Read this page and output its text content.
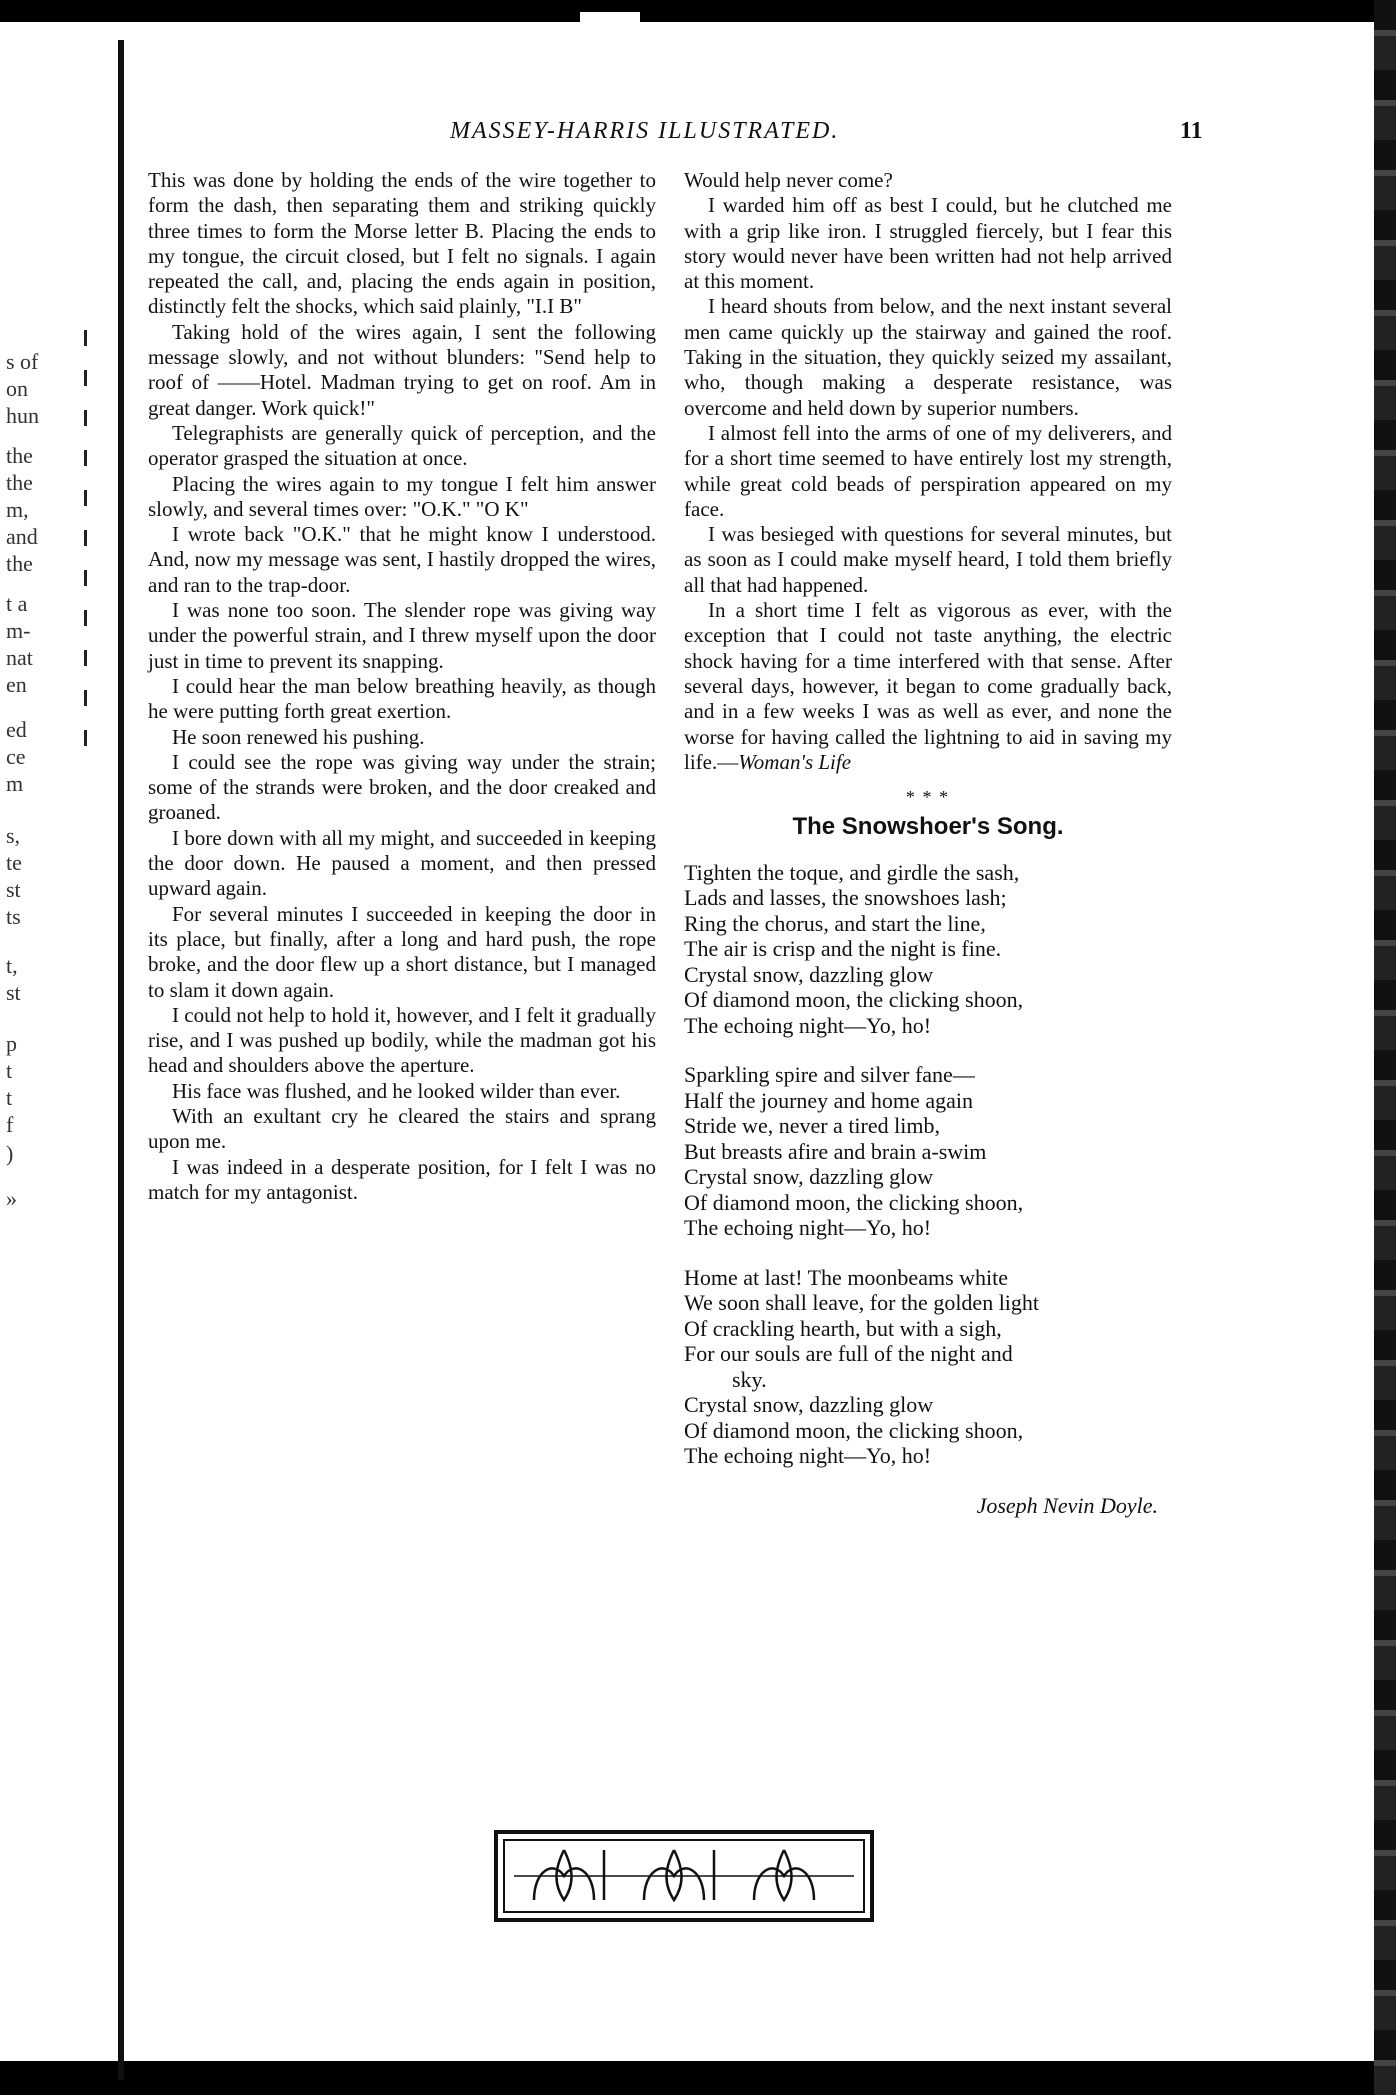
s of
on
hun
the
the
m,
and
the
t a
m-
nat
en
ed
ce
m
s,
te
st
ts
t,
st
p
t
t
f
)
»
MASSEY-HARRIS ILLUSTRATED.	11

This was done by holding the ends of the wire together to form the dash, then separating them and striking quickly three times to form the Morse letter B. Placing the ends to my tongue, the circuit closed, but I felt no signals. I again repeated the call, and, placing the ends again in position, distinctly felt the shocks, which said plainly, "I.I B"

Taking hold of the wires again, I sent the following message slowly, and not without blunders: "Send help to roof of ——Hotel. Madman trying to get on roof. Am in great danger. Work quick!"

Telegraphists are generally quick of perception, and the operator grasped the situation at once.

Placing the wires again to my tongue I felt him answer slowly, and several times over: "O.K." "O K"

I wrote back "O.K." that he might know I understood. And, now my message was sent, I hastily dropped the wires, and ran to the trap-door.

I was none too soon. The slender rope was giving way under the powerful strain, and I threw myself upon the door just in time to prevent its snapping.

I could hear the man below breathing heavily, as though he were putting forth great exertion.

He soon renewed his pushing.

I could see the rope was giving way under the strain; some of the strands were broken, and the door creaked and groaned.

I bore down with all my might, and succeeded in keeping the door down. He paused a moment, and then pressed upward again.

For several minutes I succeeded in keeping the door in its place, but finally, after a long and hard push, the rope broke, and the door flew up a short distance, but I managed to slam it down again.

I could not help to hold it, however, and I felt it gradually rise, and I was pushed up bodily, while the madman got his head and shoulders above the aperture.

His face was flushed, and he looked wilder than ever.

With an exultant cry he cleared the stairs and sprang upon me.

I was indeed in a desperate position, for I felt I was no match for my antagonist.

Would help never come?

I warded him off as best I could, but he clutched me with a grip like iron. I struggled fiercely, but I fear this story would never have been written had not help arrived at this moment.

I heard shouts from below, and the next instant several men came quickly up the stairway and gained the roof. Taking in the situation, they quickly seized my assailant, who, though making a desperate resistance, was overcome and held down by superior numbers.

I almost fell into the arms of one of my deliverers, and for a short time seemed to have entirely lost my strength, while great cold beads of perspiration appeared on my face.

I was besieged with questions for several minutes, but as soon as I could make myself heard, I told them briefly all that had happened.

In a short time I felt as vigorous as ever, with the exception that I could not taste anything, the electric shock having for a time interfered with that sense. After several days, however, it began to come gradually back, and in a few weeks I was as well as ever, and none the worse for having called the lightning to aid in saving my life.—Woman's Life

* * *
The Snowshoer's Song.
Tighten the toque, and girdle the sash,
Lads and lasses, the snowshoes lash;
Ring the chorus, and start the line,
The air is crisp and the night is fine.
Crystal snow, dazzling glow
Of diamond moon, the clicking shoon,
The echoing night—Yo, ho!
Sparkling spire and silver fane—
Half the journey and home again
Stride we, never a tired limb,
But breasts afire and brain a-swim
Crystal snow, dazzling glow
Of diamond moon, the clicking shoon,
The echoing night—Yo, ho!
Home at last! The moonbeams white
We soon shall leave, for the golden light
Of crackling hearth, but with a sigh,
For our souls are full of the night and
sky.
Crystal snow, dazzling glow
Of diamond moon, the clicking shoon,
The echoing night—Yo, ho!
Joseph Nevin Doyle.
